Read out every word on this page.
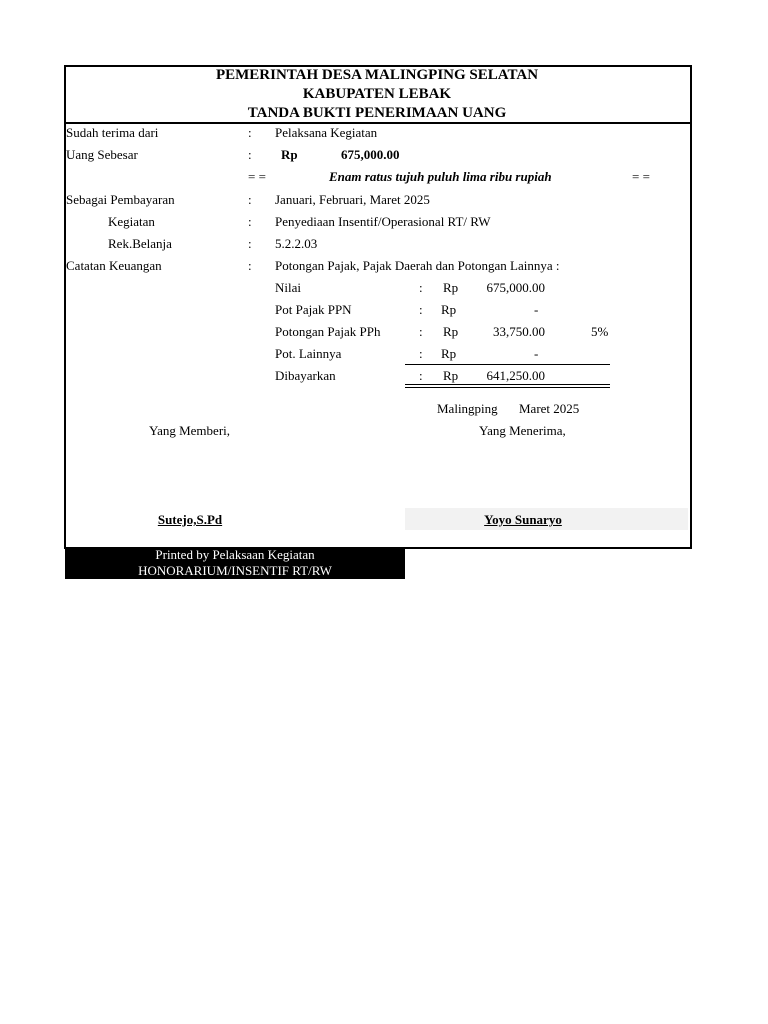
PEMERINTAH DESA MALINGPING SELATAN
KABUPATEN LEBAK
TANDA BUKTI PENERIMAAN UANG
Sudah terima dari	: Pelaksana Kegiatan
Uang Sebesar	: Rp	675,000.00
= =	Enam ratus tujuh puluh lima ribu rupiah	= =
Sebagai Pembayaran	: Januari, Februari, Maret 2025
Kegiatan	: Penyediaan Insentif/Operasional RT/ RW
Rek.Belanja	: 5.2.2.03
Catatan Keuangan	: Potongan Pajak, Pajak Daerah dan Potongan Lainnya :
Nilai	: Rp	675,000.00
Pot Pajak PPN	: Rp	-
Potongan Pajak PPh	: Rp	33,750.00	5%
Pot. Lainnya	: Rp	-
Dibayarkan	: Rp	641,250.00
Malingping Maret 2025
Yang Memberi,	Yang Menerima,
Sutejo,S.Pd	Yoyo Sunaryo
Printed by Pelaksaan Kegiatan
HONORARIUM/INSENTIF RT/RW
